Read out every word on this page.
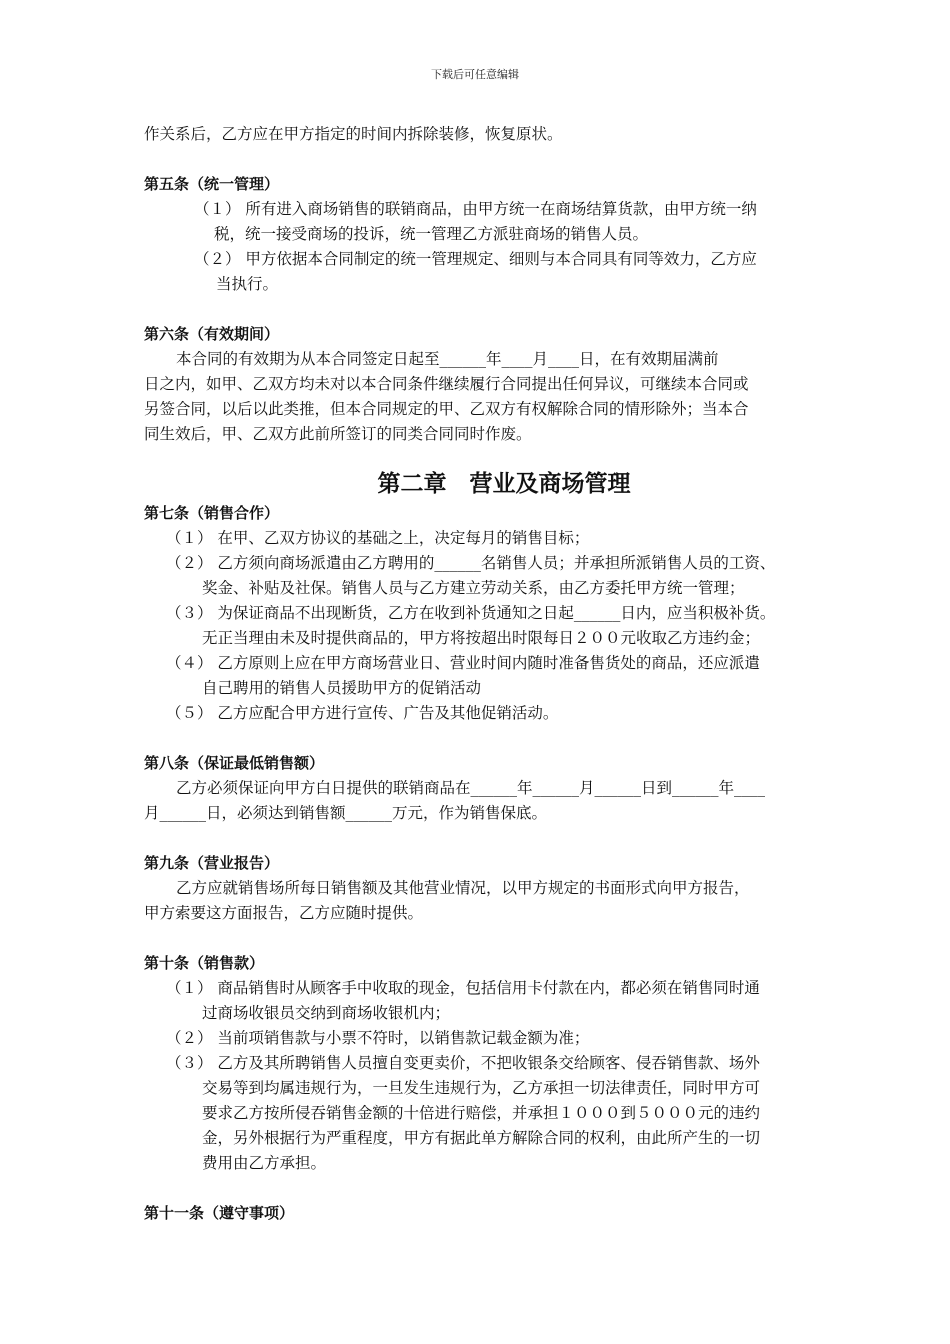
下载后可任意编辑
作关系后，乙方应在甲方指定的时间内拆除装修，恢复原状。
第五条（统一管理）
（１） 所有进入商场销售的联销商品，由甲方统一在商场结算货款，由甲方统一纳
税，统一接受商场的投诉，统一管理乙方派驻商场的销售人员。
（２） 甲方依据本合同制定的统一管理规定、细则与本合同具有同等效力，乙方应
当执行。
第六条（有效期间）
本合同的有效期为从本合同签定日起至______年____月____日，在有效期届满前
日之内，如甲、乙双方均未对以本合同条件继续履行合同提出任何异议，可继续本合同或
另签合同，以后以此类推，但本合同规定的甲、乙双方有权解除合同的情形除外；当本合
同生效后，甲、乙双方此前所签订的同类合同同时作废。
第二章　营业及商场管理
第七条（销售合作）
（１） 在甲、乙双方协议的基础之上，决定每月的销售目标；
（２） 乙方须向商场派遣由乙方聘用的______名销售人员；并承担所派销售人员的工资、
奖金、补贴及社保。销售人员与乙方建立劳动关系，由乙方委托甲方统一管理；
（３） 为保证商品不出现断货，乙方在收到补货通知之日起______日内，应当积极补货。
无正当理由未及时提供商品的，甲方将按超出时限每日２００元收取乙方违约金；
（４） 乙方原则上应在甲方商场营业日、营业时间内随时准备售货处的商品，还应派遣
自己聘用的销售人员援助甲方的促销活动
（５） 乙方应配合甲方进行宣传、广告及其他促销活动。
第八条（保证最低销售额）
乙方必须保证向甲方白日提供的联销商品在______年______月______日到______年____
月______日，必须达到销售额______万元，作为销售保底。
第九条（营业报告）
乙方应就销售场所每日销售额及其他营业情况，以甲方规定的书面形式向甲方报告，
甲方索要这方面报告，乙方应随时提供。
第十条（销售款）
（１） 商品销售时从顾客手中收取的现金，包括信用卡付款在内，都必须在销售同时通
过商场收银员交纳到商场收银机内；
（２） 当前项销售款与小票不符时，以销售款记载金额为准；
（３） 乙方及其所聘销售人员擅自变更卖价，不把收银条交给顾客、侵吞销售款、场外
交易等到均属违规行为，一旦发生违规行为，乙方承担一切法律责任，同时甲方可
要求乙方按所侵吞销售金额的十倍进行赔偿，并承担１０００到５０００元的违约
金，另外根据行为严重程度，甲方有据此单方解除合同的权利，由此所产生的一切
费用由乙方承担。
第十一条（遵守事项）
